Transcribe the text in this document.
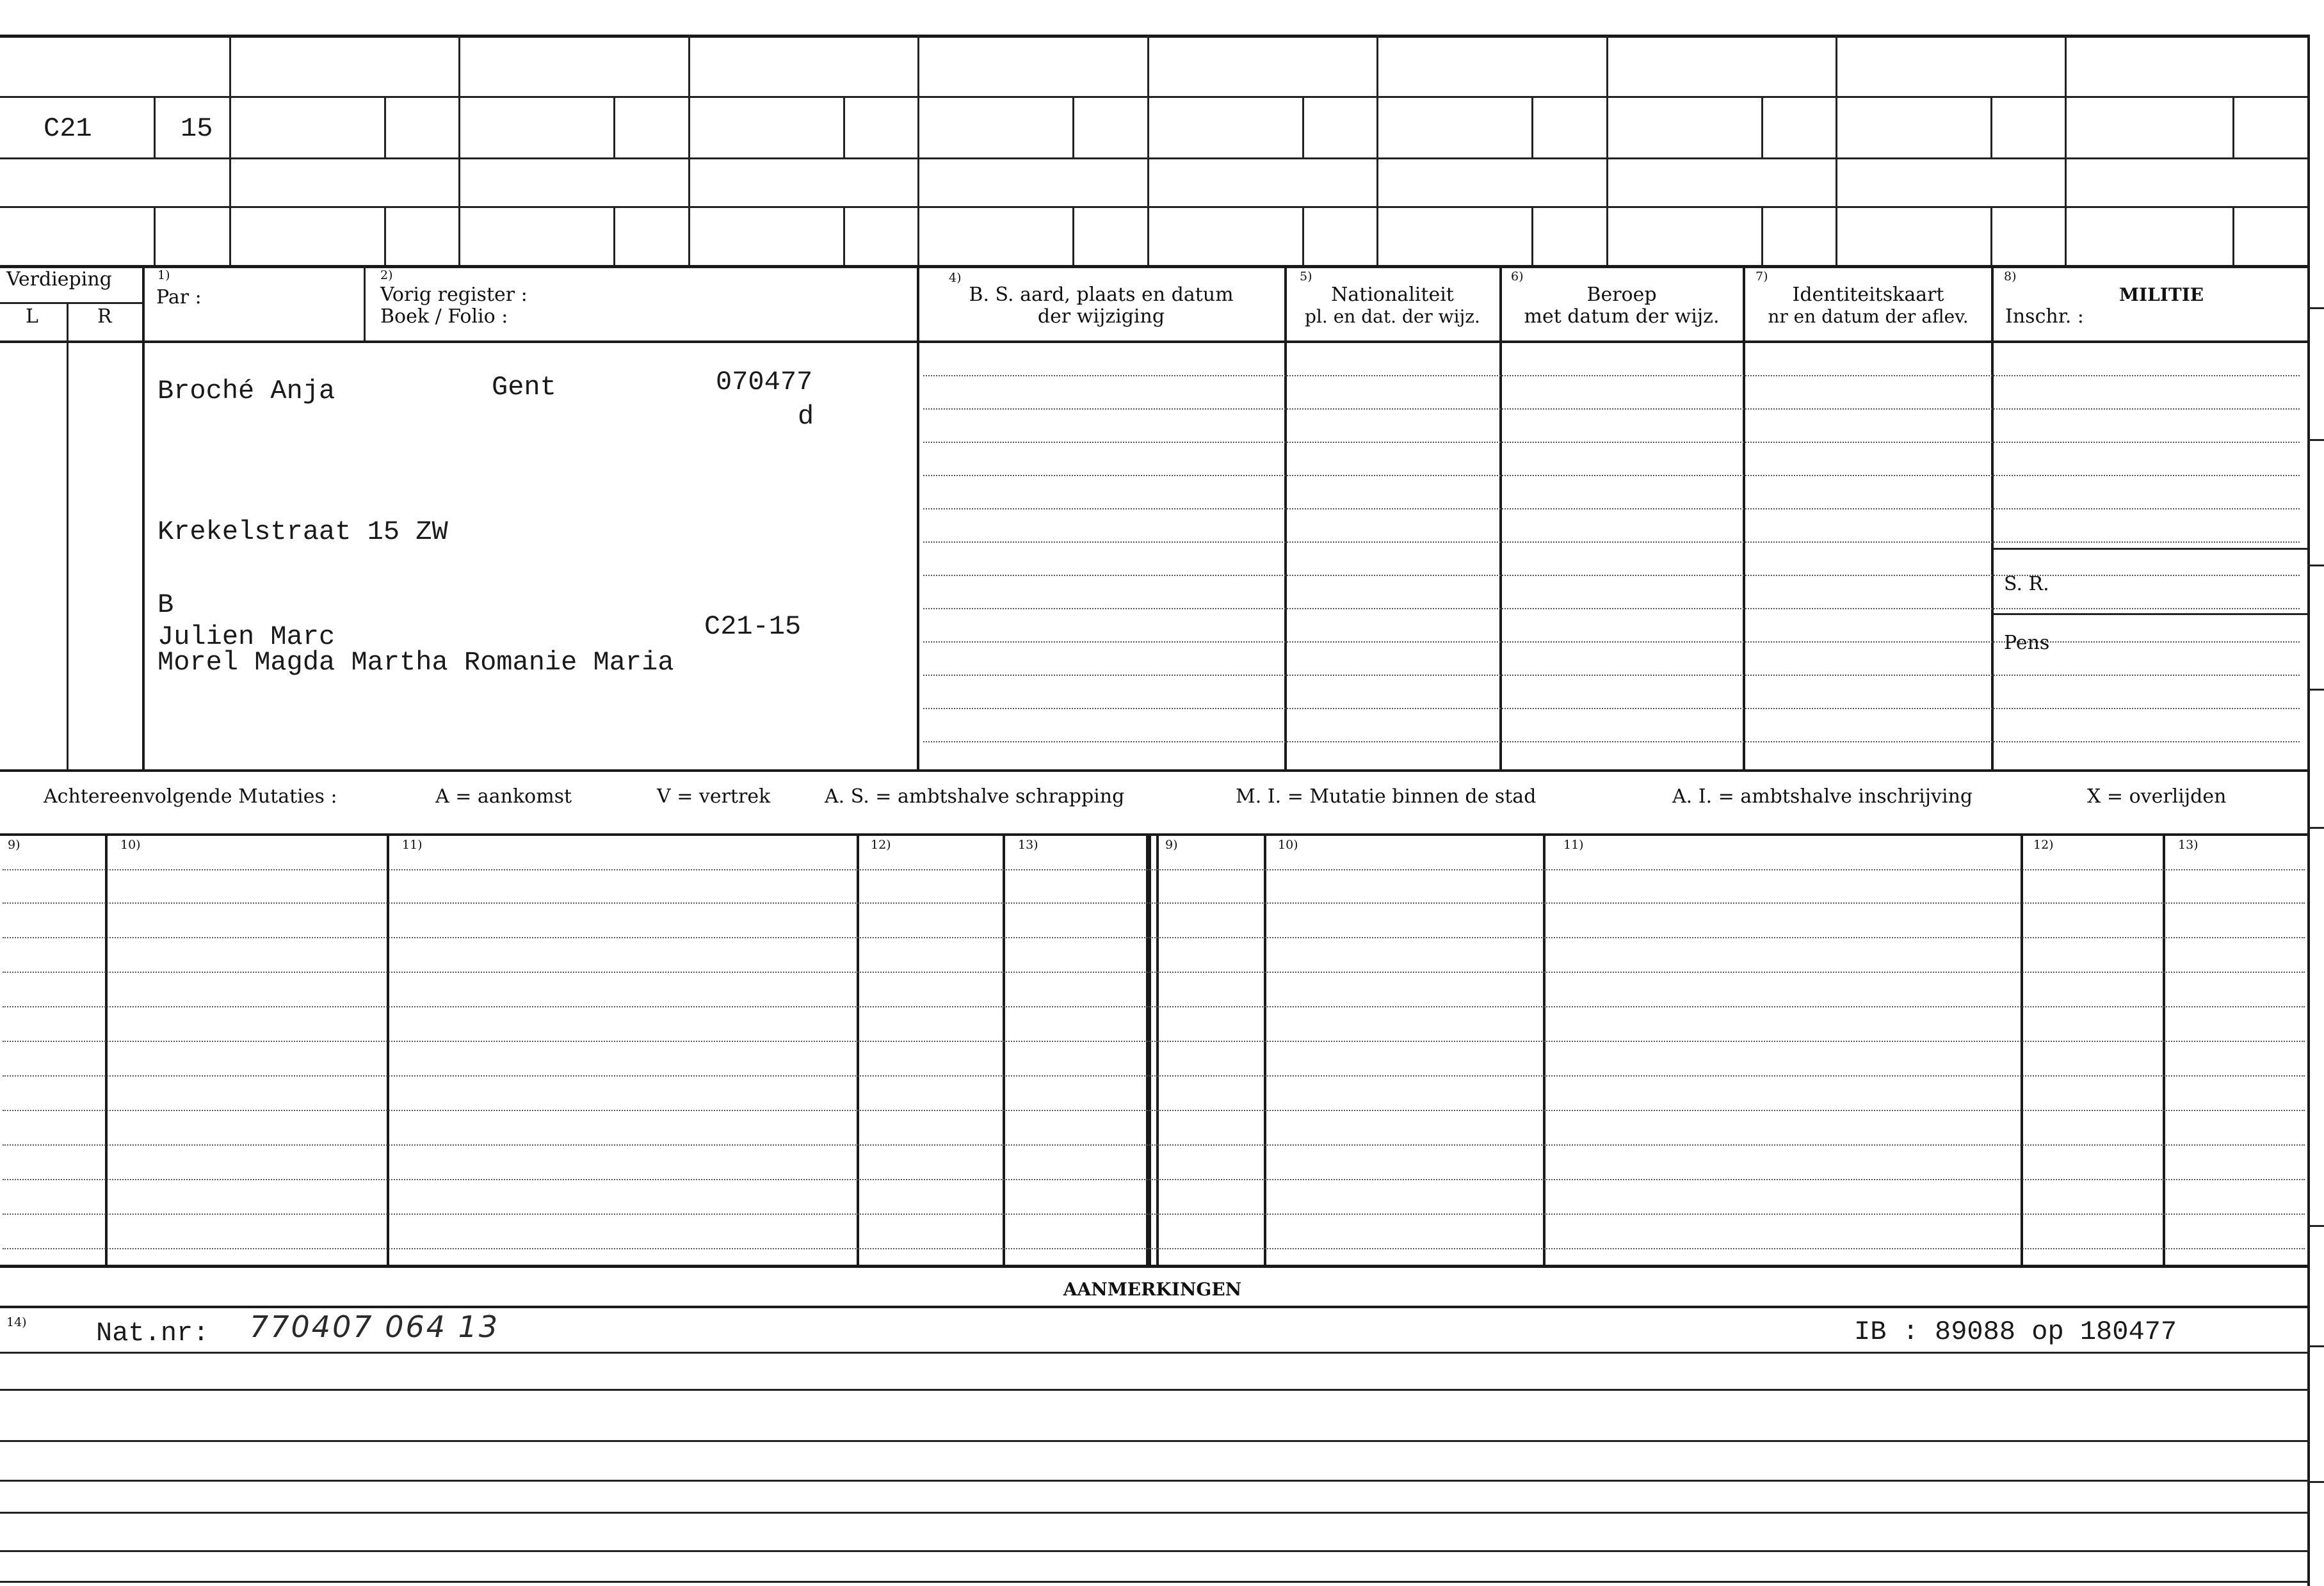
C21	15
Verdieping
L	R
1)
Par :
2)
Vorig register :
Boek / Folio :
4)
B. S. aard, plaats en datum
der wijziging
5)
Nationaliteit
pl. en dat. der wijz.
6)
Beroep
met datum der wijz.
7)
Identiteitskaart
nr en datum der aflev.
8)
MILITIE
Inschr. :
S. R.
Pens
Broché Anja	Gent	070477
d
Krekelstraat 15 ZW
B
Julien Marc	C21-15
Morel Magda Martha Romanie Maria
Achtereenvolgende Mutaties :	A = aankomst	V = vertrek	A. S. = ambtshalve schrapping	M. I. = Mutatie binnen de stad	A. I. = ambtshalve inschrijving	X = overlijden
9)	10)	11)	12)	13)	9)	10)	11)	12)	13)
AANMERKINGEN
14)	Nat.nr: 770407 064 13	IB : 89088 op 180477
